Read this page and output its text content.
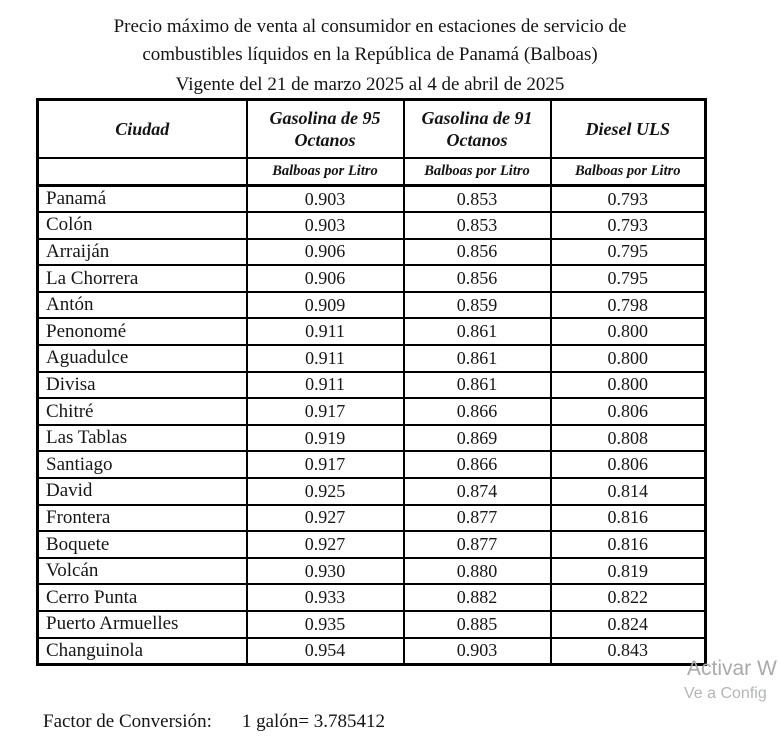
Precio máximo de venta al consumidor en estaciones de servicio de
combustibles líquidos en la República de Panamá (Balboas)
Vigente del 21 de marzo 2025 al 4 de abril de 2025
Ciudad	Gasolina de 95 Octanos	Gasolina de 91 Octanos	Diesel ULS
	Balboas por Litro	Balboas por Litro	Balboas por Litro
Panamá	0.903	0.853	0.793
Colón	0.903	0.853	0.793
Arraiján	0.906	0.856	0.795
La Chorrera	0.906	0.856	0.795
Antón	0.909	0.859	0.798
Penonomé	0.911	0.861	0.800
Aguadulce	0.911	0.861	0.800
Divisa	0.911	0.861	0.800
Chitré	0.917	0.866	0.806
Las Tablas	0.919	0.869	0.808
Santiago	0.917	0.866	0.806
David	0.925	0.874	0.814
Frontera	0.927	0.877	0.816
Boquete	0.927	0.877	0.816
Volcán	0.930	0.880	0.819
Cerro Punta	0.933	0.882	0.822
Puerto Armuelles	0.935	0.885	0.824
Changuinola	0.954	0.903	0.843
Factor de Conversión: 1 galón= 3.785412
Activar W
Ve a Config
